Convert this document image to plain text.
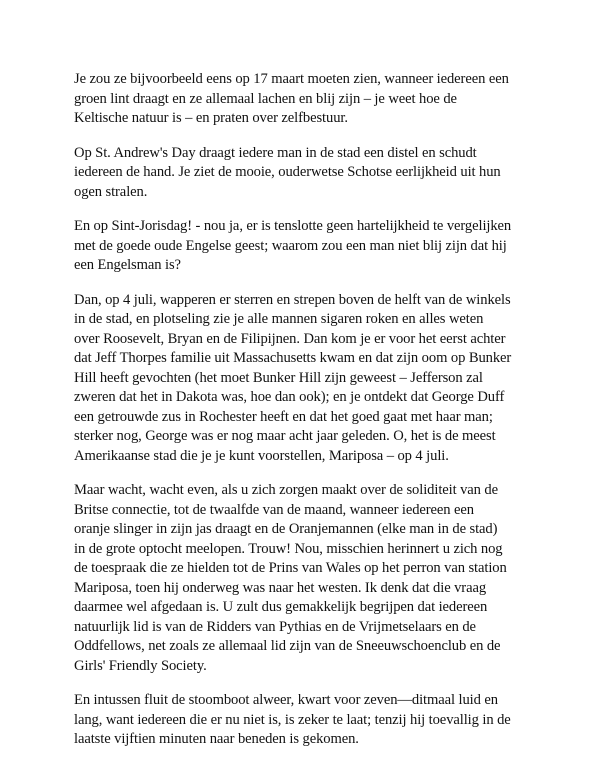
Je zou ze bijvoorbeeld eens op 17 maart moeten zien, wanneer iedereen een
groen lint draagt en ze allemaal lachen en blij zijn – je weet hoe de
Keltische natuur is – en praten over zelfbestuur.

Op St. Andrew's Day draagt iedere man in de stad een distel en schudt
iedereen de hand. Je ziet de mooie, ouderwetse Schotse eerlijkheid uit hun
ogen stralen.

En op Sint-Jorisdag! - nou ja, er is tenslotte geen hartelijkheid te vergelijken
met de goede oude Engelse geest; waarom zou een man niet blij zijn dat hij
een Engelsman is?

Dan, op 4 juli, wapperen er sterren en strepen boven de helft van de winkels
in de stad, en plotseling zie je alle mannen sigaren roken en alles weten
over Roosevelt, Bryan en de Filipijnen. Dan kom je er voor het eerst achter
dat Jeff Thorpes familie uit Massachusetts kwam en dat zijn oom op Bunker
Hill heeft gevochten (het moet Bunker Hill zijn geweest – Jefferson zal
zweren dat het in Dakota was, hoe dan ook); en je ontdekt dat George Duff
een getrouwde zus in Rochester heeft en dat het goed gaat met haar man;
sterker nog, George was er nog maar acht jaar geleden. O, het is de meest
Amerikaanse stad die je je kunt voorstellen, Mariposa – op 4 juli.

Maar wacht, wacht even, als u zich zorgen maakt over de soliditeit van de
Britse connectie, tot de twaalfde van de maand, wanneer iedereen een
oranje slinger in zijn jas draagt en de Oranjemannen (elke man in de stad)
in de grote optocht meelopen. Trouw! Nou, misschien herinnert u zich nog
de toespraak die ze hielden tot de Prins van Wales op het perron van station
Mariposa, toen hij onderweg was naar het westen. Ik denk dat die vraag
daarmee wel afgedaan is. U zult dus gemakkelijk begrijpen dat iedereen
natuurlijk lid is van de Ridders van Pythias en de Vrijmetselaars en de
Oddfellows, net zoals ze allemaal lid zijn van de Sneeuwschoenclub en de
Girls' Friendly Society.

En intussen fluit de stoomboot alweer, kwart voor zeven—ditmaal luid en
lang, want iedereen die er nu niet is, is zeker te laat; tenzij hij toevallig in de
laatste vijftien minuten naar beneden is gekomen.
